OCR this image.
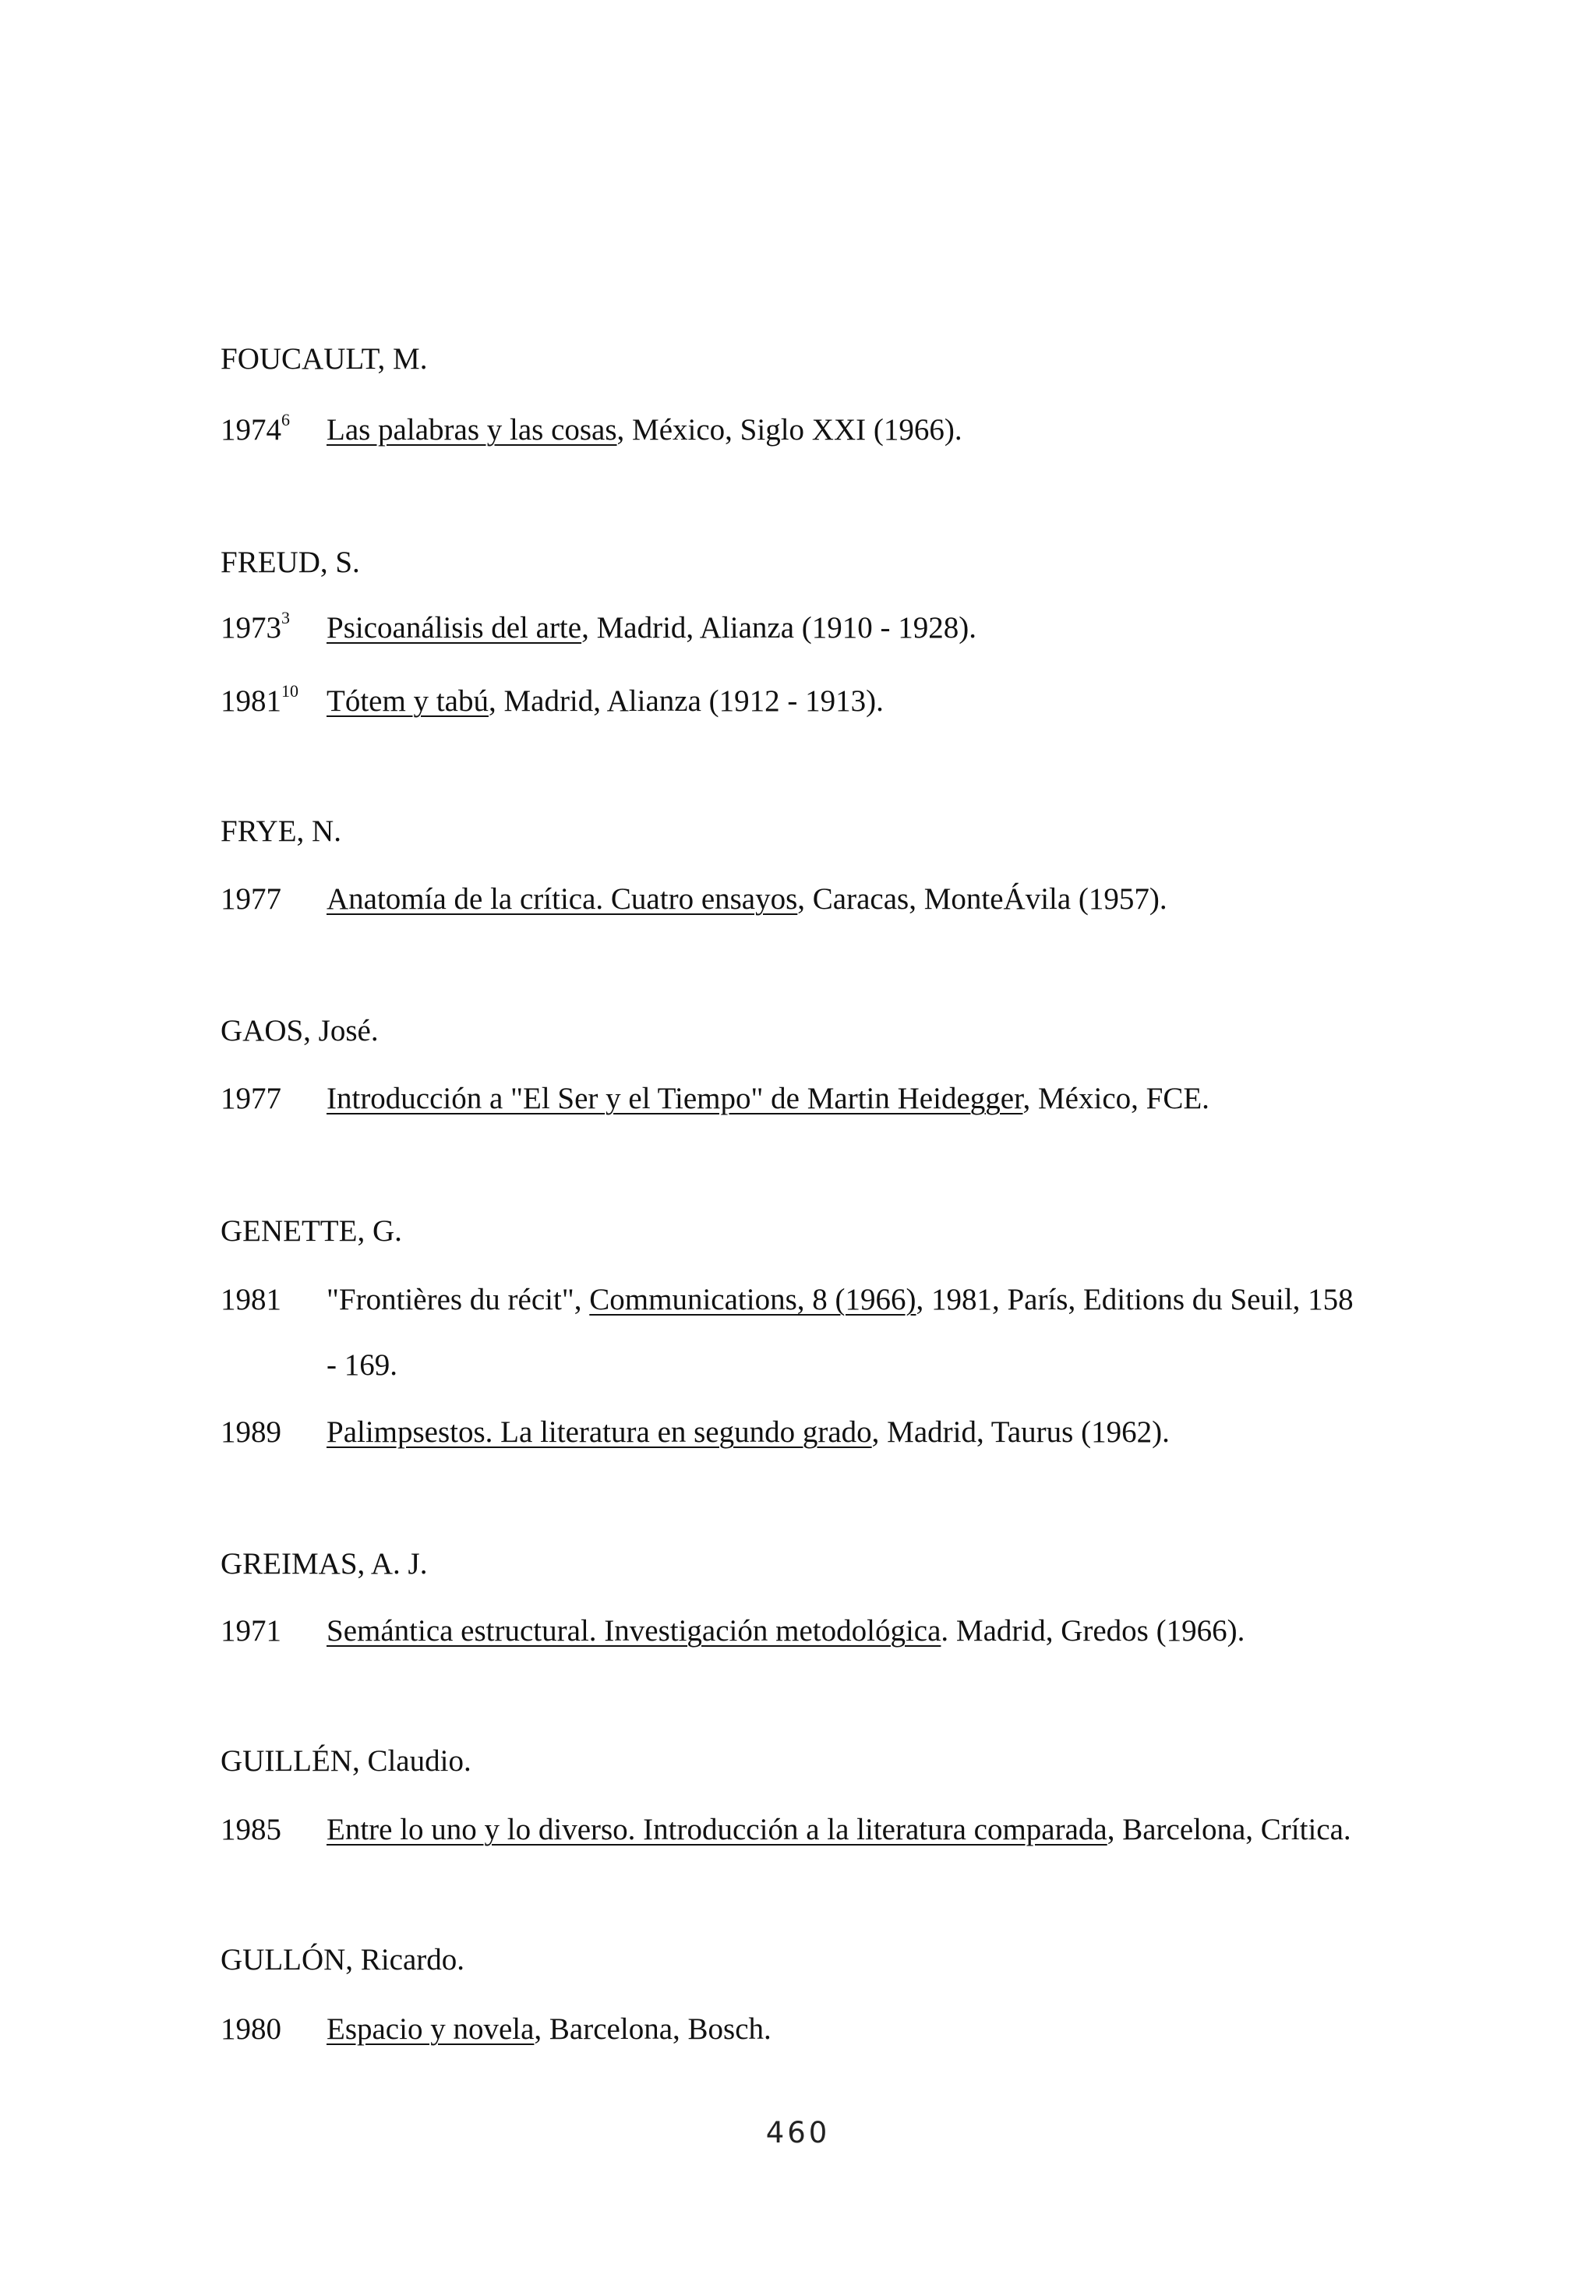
FOUCAULT, M.
1974$^6$ Las palabras y las cosas, México, Siglo XXI (1966).
FREUD, S.
1973$^3$ Psicoanálisis del arte, Madrid, Alianza (1910 - 1928).
1981$^{10}$ Tótem y tabú, Madrid, Alianza (1912 - 1913).
FRYE, N.
1977 Anatomía de la crítica. Cuatro ensayos, Caracas, MonteÁvila (1957).
GAOS, José.
1977 Introducción a "El Ser y el Tiempo" de Martin Heidegger, México, FCE.
GENETTE, G.
1981 "Frontières du récit", Communications, 8 (1966), 1981, París, Editions du Seuil, 158
- 169.
1989 Palimpsestos. La literatura en segundo grado, Madrid, Taurus (1962).
GREIMAS, A. J.
1971 Semántica estructural. Investigación metodológica. Madrid, Gredos (1966).
GUILLÉN, Claudio.
1985 Entre lo uno y lo diverso. Introducción a la literatura comparada, Barcelona, Crítica.
GULLÓN, Ricardo.
1980 Espacio y novela, Barcelona, Bosch.
460
